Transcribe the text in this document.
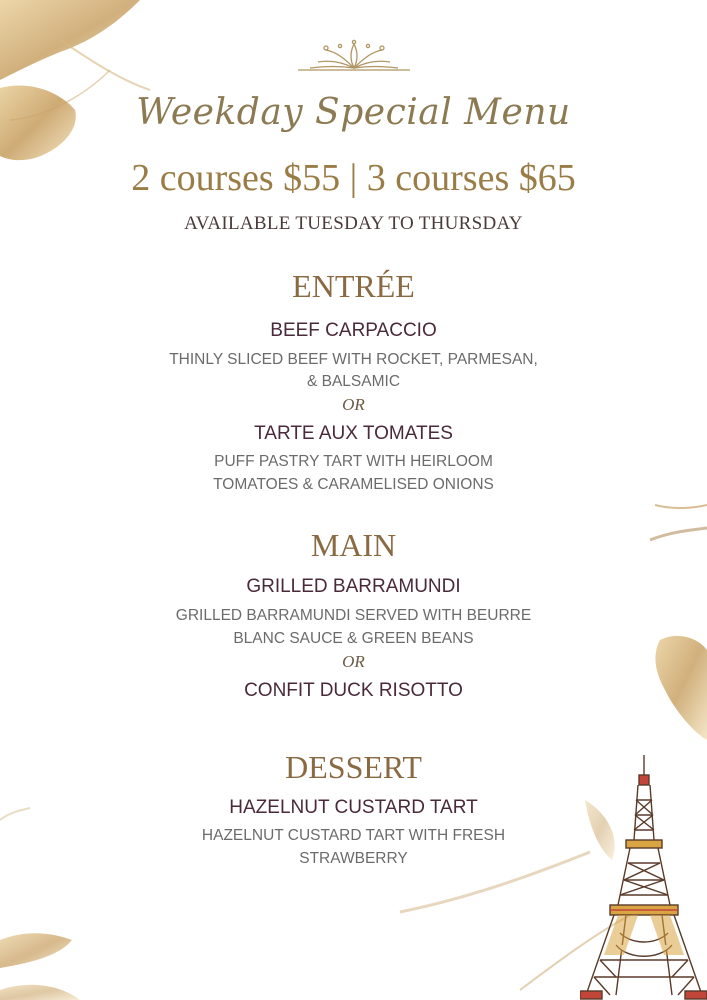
Weekday Special Menu
2 courses $55 | 3 courses $65
AVAILABLE TUESDAY TO THURSDAY
ENTRÉE
BEEF CARPACCIO
THINLY SLICED BEEF WITH ROCKET, PARMESAN,
& BALSAMIC
OR
TARTE AUX TOMATES
PUFF PASTRY TART WITH HEIRLOOM
TOMATOES & CARAMELISED ONIONS
MAIN
GRILLED BARRAMUNDI
GRILLED BARRAMUNDI SERVED WITH BEURRE
BLANC SAUCE & GREEN BEANS
OR
CONFIT DUCK RISOTTO
DESSERT
HAZELNUT CUSTARD TART
HAZELNUT CUSTARD TART WITH FRESH
STRAWBERRY
